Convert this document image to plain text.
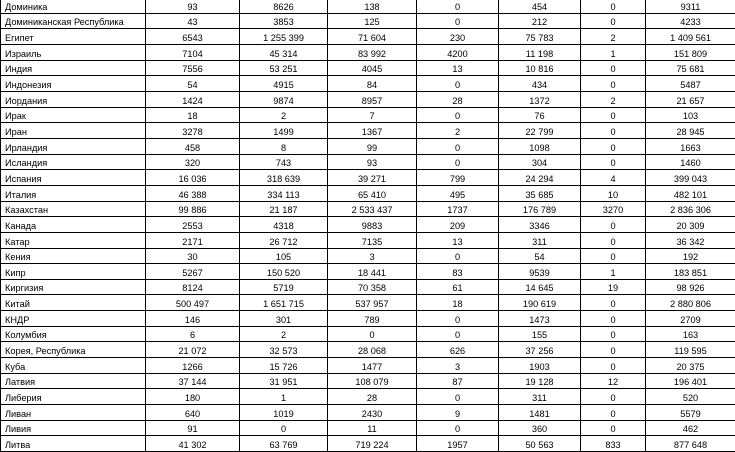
Доминика	93	8626	138	0	454	0	9311
Доминиканская Республика	43	3853	125	0	212	0	4233
Египет	6543	1 255 399	71 604	230	75 783	2	1 409 561
Израиль	7104	45 314	83 992	4200	11 198	1	151 809
Индия	7556	53 251	4045	13	10 816	0	75 681
Индонезия	54	4915	84	0	434	0	5487
Иордания	1424	9874	8957	28	1372	2	21 657
Ирак	18	2	7	0	76	0	103
Иран	3278	1499	1367	2	22 799	0	28 945
Ирландия	458	8	99	0	1098	0	1663
Исландия	320	743	93	0	304	0	1460
Испания	16 036	318 639	39 271	799	24 294	4	399 043
Италия	46 388	334 113	65 410	495	35 685	10	482 101
Казахстан	99 886	21 187	2 533 437	1737	176 789	3270	2 836 306
Канада	2553	4318	9883	209	3346	0	20 309
Катар	2171	26 712	7135	13	311	0	36 342
Кения	30	105	3	0	54	0	192
Кипр	5267	150 520	18 441	83	9539	1	183 851
Киргизия	8124	5719	70 358	61	14 645	19	98 926
Китай	500 497	1 651 715	537 957	18	190 619	0	2 880 806
КНДР	146	301	789	0	1473	0	2709
Колумбия	6	2	0	0	155	0	163
Корея, Республика	21 072	32 573	28 068	626	37 256	0	119 595
Куба	1266	15 726	1477	3	1903	0	20 375
Латвия	37 144	31 951	108 079	87	19 128	12	196 401
Либерия	180	1	28	0	311	0	520
Ливан	640	1019	2430	9	1481	0	5579
Ливия	91	0	11	0	360	0	462
Литва	41 302	63 769	719 224	1957	50 563	833	877 648
